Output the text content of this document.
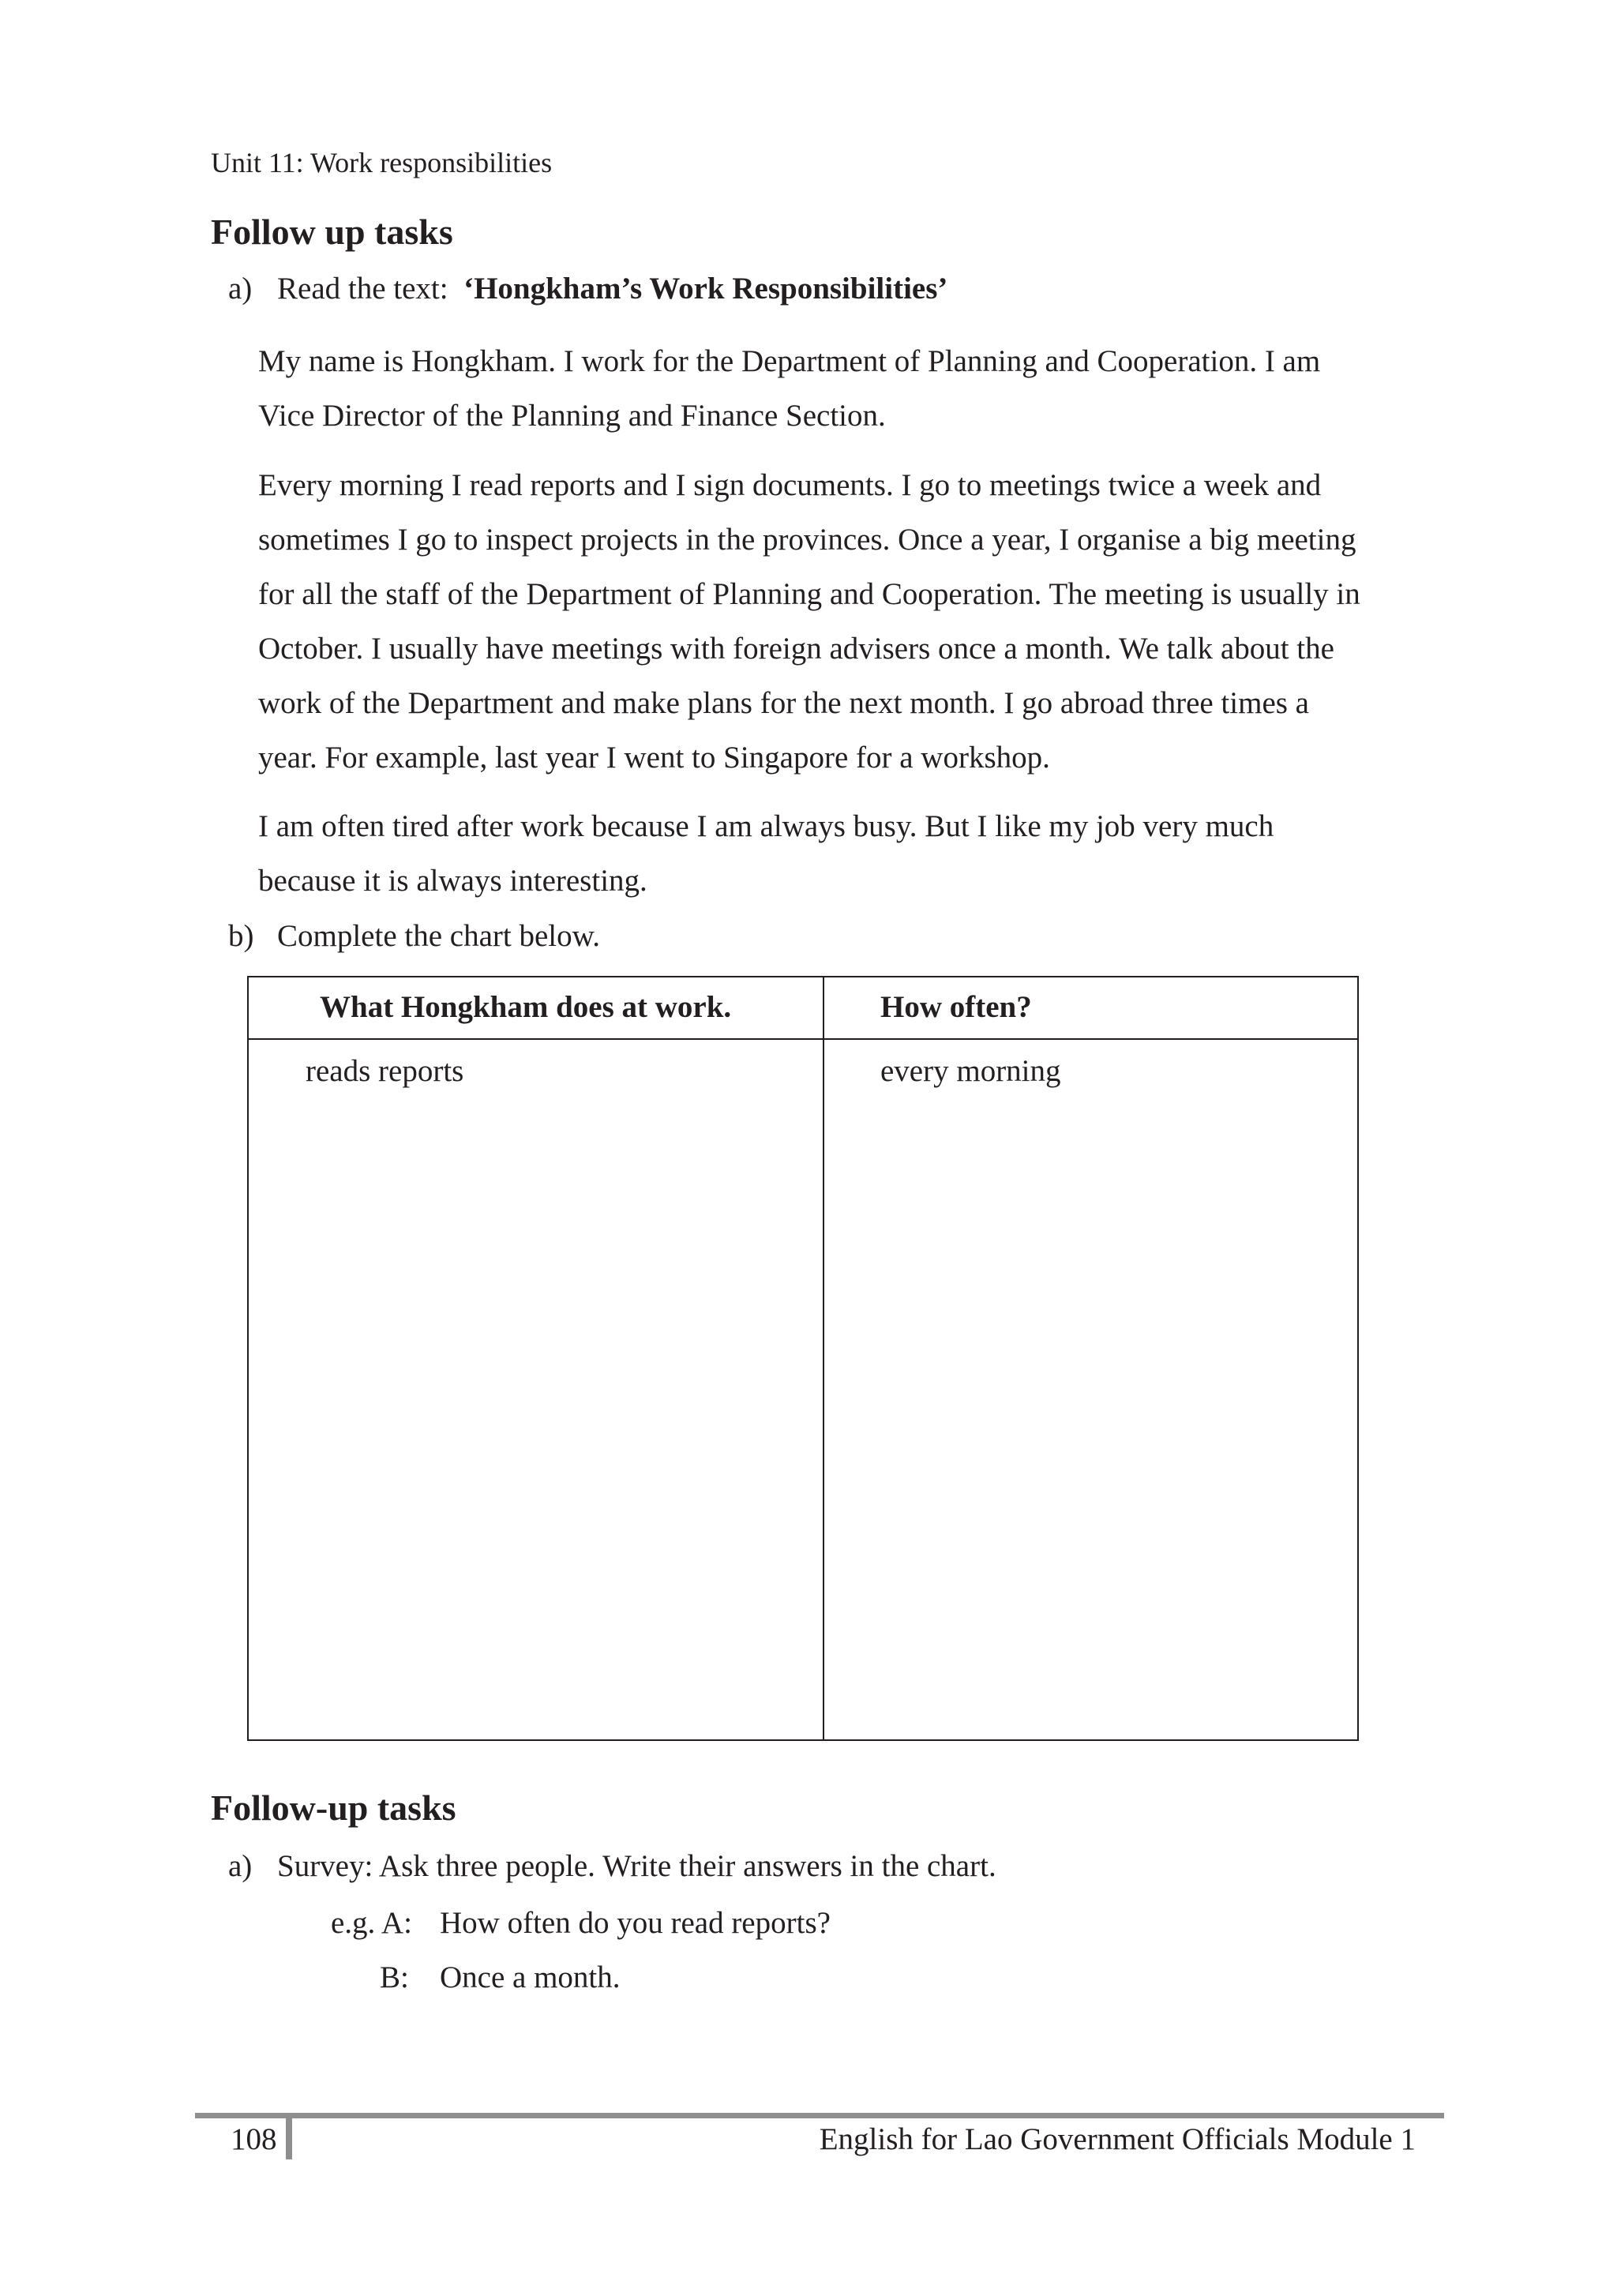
Unit 11: Work responsibilities
Follow up tasks
a) Read the text: ‘Hongkham’s Work Responsibilities’

My name is Hongkham. I work for the Department of Planning and Cooperation. I am
Vice Director of the Planning and Finance Section.

Every morning I read reports and I sign documents. I go to meetings twice a week and
sometimes I go to inspect projects in the provinces. Once a year, I organise a big meeting
for all the staff of the Department of Planning and Cooperation. The meeting is usually in
October. I usually have meetings with foreign advisers once a month. We talk about the
work of the Department and make plans for the next month. I go abroad three times a
year. For example, last year I went to Singapore for a workshop.

I am often tired after work because I am always busy. But I like my job very much
because it is always interesting.

b) Complete the chart below.
What Hongkham does at work.	How often?
reads reports	every morning
Follow-up tasks
a) Survey: Ask three people. Write their answers in the chart.
e.g. A: How often do you read reports?
B: Once a month.
108	English for Lao Government Officials Module 1
